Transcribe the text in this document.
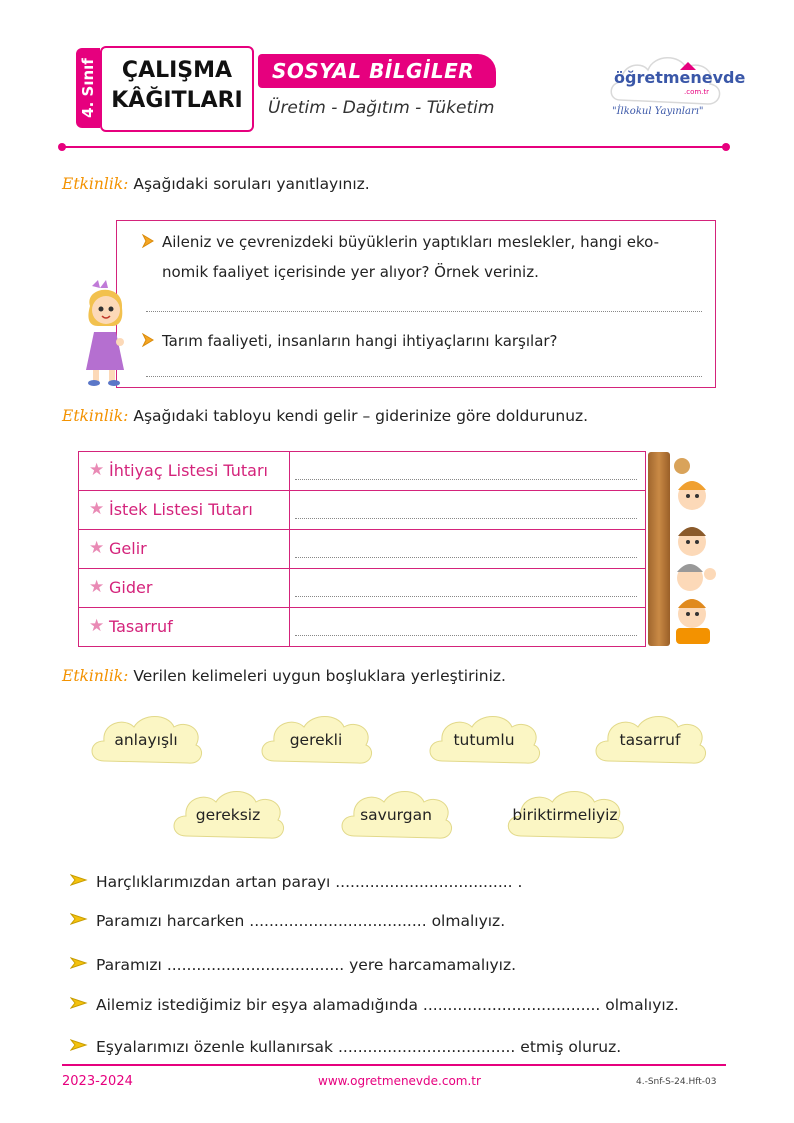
4. Sınıf	ÇALIŞMA
KÂĞITLARI
SOSYAL BİLGİLER
Üretim - Dağıtım - Tüketim
öğretmenevde
.com.tr
"İlkokul Yayınları"
Etkinlik: Aşağıdaki soruları yanıtlayınız.
Aileniz ve çevrenizdeki büyüklerin yaptıkları meslekler, hangi eko-
nomik faaliyet içerisinde yer alıyor? Örnek veriniz.
Tarım faaliyeti, insanların hangi ihtiyaçlarını karşılar?
Etkinlik: Aşağıdaki tabloyu kendi gelir – giderinize göre doldurunuz.
★ İhtiyaç Listesi Tutarı
★ İstek Listesi Tutarı
★ Gelir
★ Gider
★ Tasarruf
Etkinlik: Verilen kelimeleri uygun boşluklara yerleştiriniz.
anlayışlı	gerekli	tutumlu	tasarruf
gereksiz	savurgan	biriktirmeliyiz
Harçlıklarımızdan artan parayı .................................... .
Paramızı harcarken .................................... olmalıyız.
Paramızı .................................... yere harcamamalıyız.
Ailemiz istediğimiz bir eşya alamadığında .................................... olmalıyız.
Eşyalarımızı özenle kullanırsak .................................... etmiş oluruz.
2023-2024	www.ogretmenevde.com.tr	4.-Snf-S-24.Hft-03
